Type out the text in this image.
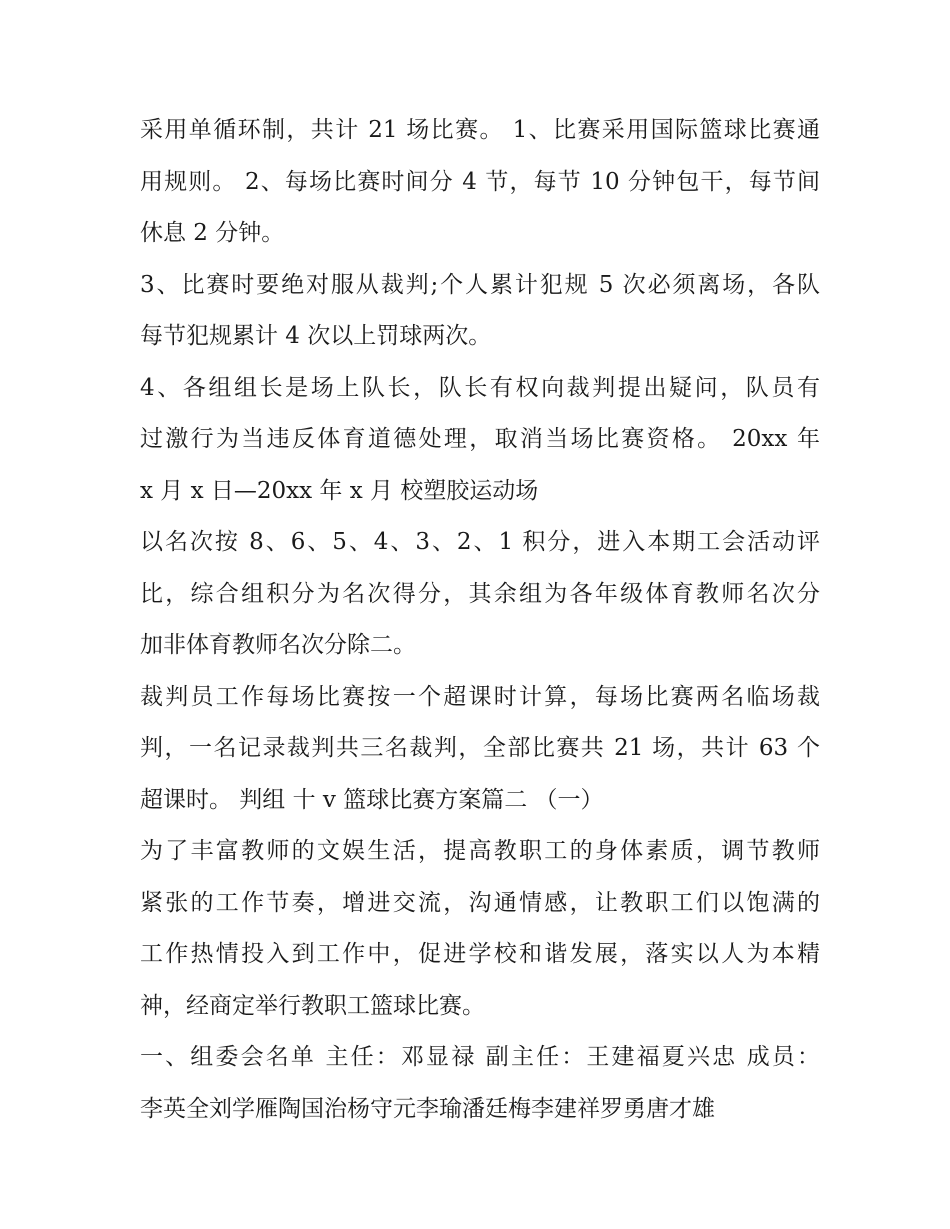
采用单循环制，共计 21 场比赛。 1、比赛采用国际篮球比赛通
用规则。 2、每场比赛时间分 4 节，每节 10 分钟包干，每节间
休息 2 分钟。

3、比赛时要绝对服从裁判;个人累计犯规 5 次必须离场，各队
每节犯规累计 4 次以上罚球两次。

4、各组组长是场上队长，队长有权向裁判提出疑问，队员有
过激行为当违反体育道德处理，取消当场比赛资格。 20xx 年
x 月 x 日—20xx 年 x 月 校塑胶运动场

以名次按 8、6、5、4、3、2、1 积分，进入本期工会活动评
比，综合组积分为名次得分，其余组为各年级体育教师名次分
加非体育教师名次分除二。

裁判员工作每场比赛按一个超课时计算，每场比赛两名临场裁
判，一名记录裁判共三名裁判，全部比赛共 21 场，共计 63 个
超课时。 判组 十 v 篮球比赛方案篇二 （一）

为了丰富教师的文娱生活，提高教职工的身体素质，调节教师
紧张的工作节奏，增进交流，沟通情感，让教职工们以饱满的
工作热情投入到工作中，促进学校和谐发展，落实以人为本精
神，经商定举行教职工篮球比赛。

一、组委会名单 主任：邓显禄 副主任：王建福夏兴忠 成员：
李英全刘学雁陶国治杨守元李瑜潘廷梅李建祥罗勇唐才雄
